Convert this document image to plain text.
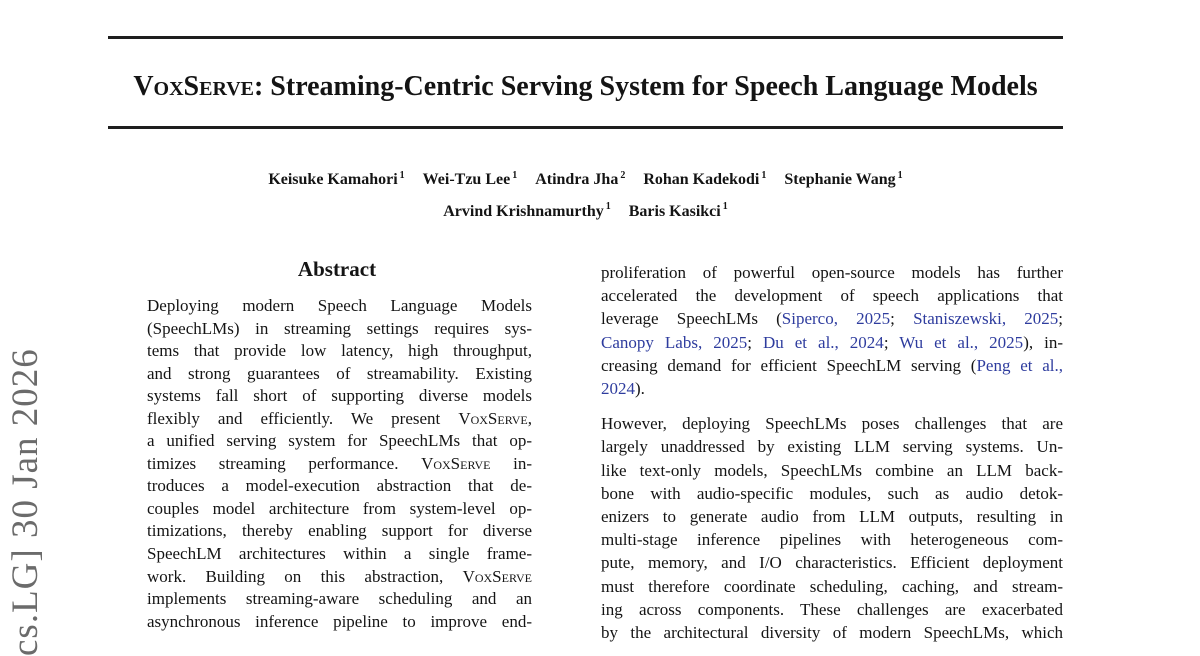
cs.LG] 30 Jan 2026
VoxServe: Streaming-Centric Serving System for Speech Language Models
Keisuke Kamahori $^1$ Wei-Tzu Lee $^1$ Atindra Jha $^2$ Rohan Kadekodi $^1$ Stephanie Wang $^1$
Arvind Krishnamurthy $^1$ Baris Kasikci $^1$
Abstract
Deploying modern Speech Language Models
(SpeechLMs) in streaming settings requires sys-
tems that provide low latency, high throughput,
and strong guarantees of streamability. Existing
systems fall short of supporting diverse models
flexibly and efficiently. We present VoxServe,
a unified serving system for SpeechLMs that op-
timizes streaming performance. VoxServe in-
troduces a model-execution abstraction that de-
couples model architecture from system-level op-
timizations, thereby enabling support for diverse
SpeechLM architectures within a single frame-
work. Building on this abstraction, VoxServe
implements streaming-aware scheduling and an
asynchronous inference pipeline to improve end-
proliferation of powerful open-source models has further
accelerated the development of speech applications that
leverage SpeechLMs (Siperco, 2025; Staniszewski, 2025;
Canopy Labs, 2025; Du et al., 2024; Wu et al., 2025), in-
creasing demand for efficient SpeechLM serving (Peng et al.,
2024).
However, deploying SpeechLMs poses challenges that are
largely unaddressed by existing LLM serving systems. Un-
like text-only models, SpeechLMs combine an LLM back-
bone with audio-specific modules, such as audio detok-
enizers to generate audio from LLM outputs, resulting in
multi-stage inference pipelines with heterogeneous com-
pute, memory, and I/O characteristics. Efficient deployment
must therefore coordinate scheduling, caching, and stream-
ing across components. These challenges are exacerbated
by the architectural diversity of modern SpeechLMs, which
